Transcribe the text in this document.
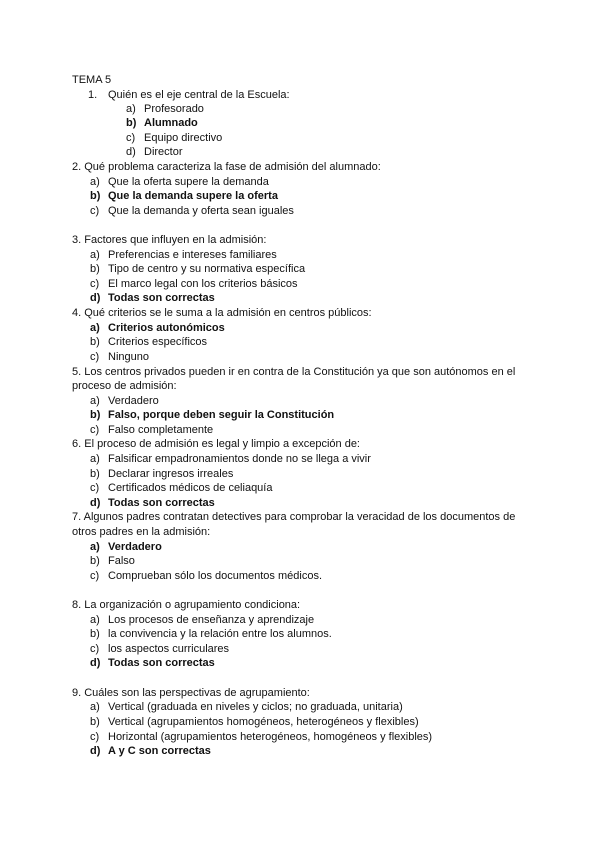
TEMA 5
1. Quién es el eje central de la Escuela:
a) Profesorado
b) Alumnado
c) Equipo directivo
d) Director
2. Qué problema caracteriza la fase de admisión del alumnado:
a) Que la oferta supere la demanda
b) Que la demanda supere la oferta
c) Que la demanda y oferta sean iguales
3. Factores que influyen en la admisión:
a) Preferencias e intereses familiares
b) Tipo de centro y su normativa específica
c) El marco legal con los criterios básicos
d) Todas son correctas
4. Qué criterios se le suma a la admisión en centros públicos:
a) Criterios autonómicos
b) Criterios específicos
c) Ninguno
5. Los centros privados pueden ir en contra de la Constitución ya que son autónomos en el
proceso de admisión:
a) Verdadero
b) Falso, porque deben seguir la Constitución
c) Falso completamente
6. El proceso de admisión es legal y limpio a excepción de:
a) Falsificar empadronamientos donde no se llega a vivir
b) Declarar ingresos irreales
c) Certificados médicos de celiaquía
d) Todas son correctas
7. Algunos padres contratan detectives para comprobar la veracidad de los documentos de
otros padres en la admisión:
a) Verdadero
b) Falso
c) Comprueban sólo los documentos médicos.
8. La organización o agrupamiento condiciona:
a) Los procesos de enseñanza y aprendizaje
b) la convivencia y la relación entre los alumnos.
c) los aspectos curriculares
d) Todas son correctas
9. Cuáles son las perspectivas de agrupamiento:
a) Vertical (graduada en niveles y ciclos; no graduada, unitaria)
b) Vertical (agrupamientos homogéneos, heterogéneos y flexibles)
c) Horizontal (agrupamientos heterogéneos, homogéneos y flexibles)
d) A y C son correctas
